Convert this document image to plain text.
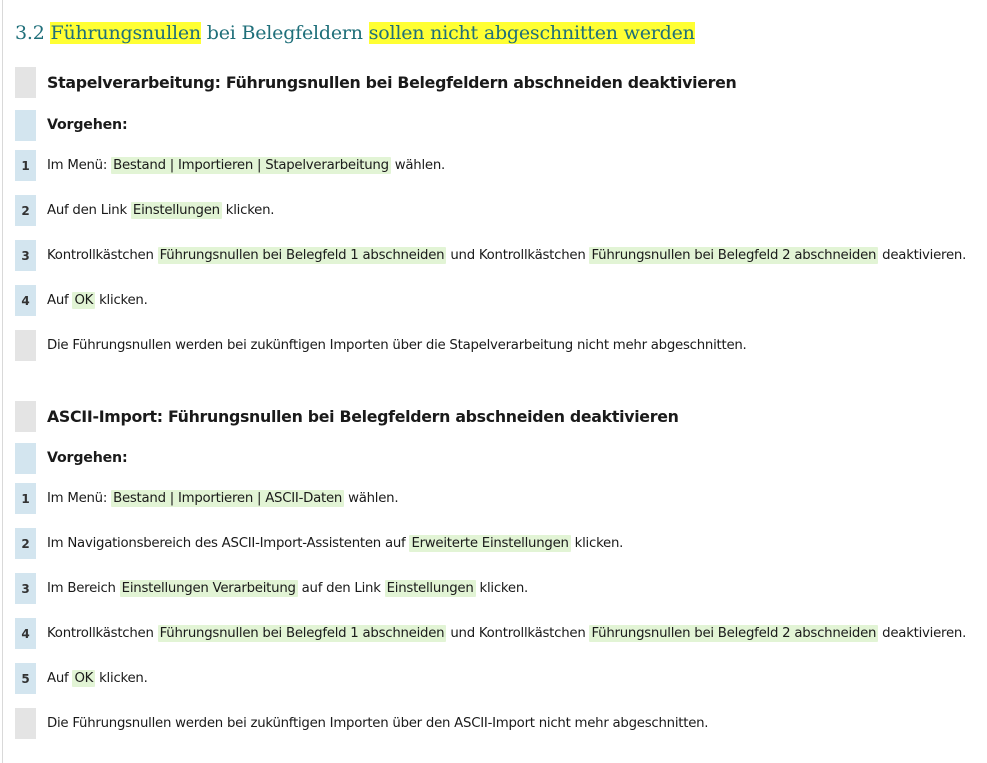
3.2 Führungsnullen bei Belegfeldern sollen nicht abgeschnitten werden
Stapelverarbeitung: Führungsnullen bei Belegfeldern abschneiden deaktivieren
Vorgehen:
1	Im Menü: Bestand | Importieren | Stapelverarbeitung wählen.
2	Auf den Link Einstellungen klicken.
3	Kontrollkästchen Führungsnullen bei Belegfeld 1 abschneiden und Kontrollkästchen Führungsnullen bei Belegfeld 2 abschneiden deaktivieren.
4	Auf OK klicken.
Die Führungsnullen werden bei zukünftigen Importen über die Stapelverarbeitung nicht mehr abgeschnitten.
ASCII-Import: Führungsnullen bei Belegfeldern abschneiden deaktivieren
Vorgehen:
1	Im Menü: Bestand | Importieren | ASCII-Daten wählen.
2	Im Navigationsbereich des ASCII-Import-Assistenten auf Erweiterte Einstellungen klicken.
3	Im Bereich Einstellungen Verarbeitung auf den Link Einstellungen klicken.
4	Kontrollkästchen Führungsnullen bei Belegfeld 1 abschneiden und Kontrollkästchen Führungsnullen bei Belegfeld 2 abschneiden deaktivieren.
5	Auf OK klicken.
Die Führungsnullen werden bei zukünftigen Importen über den ASCII-Import nicht mehr abgeschnitten.
